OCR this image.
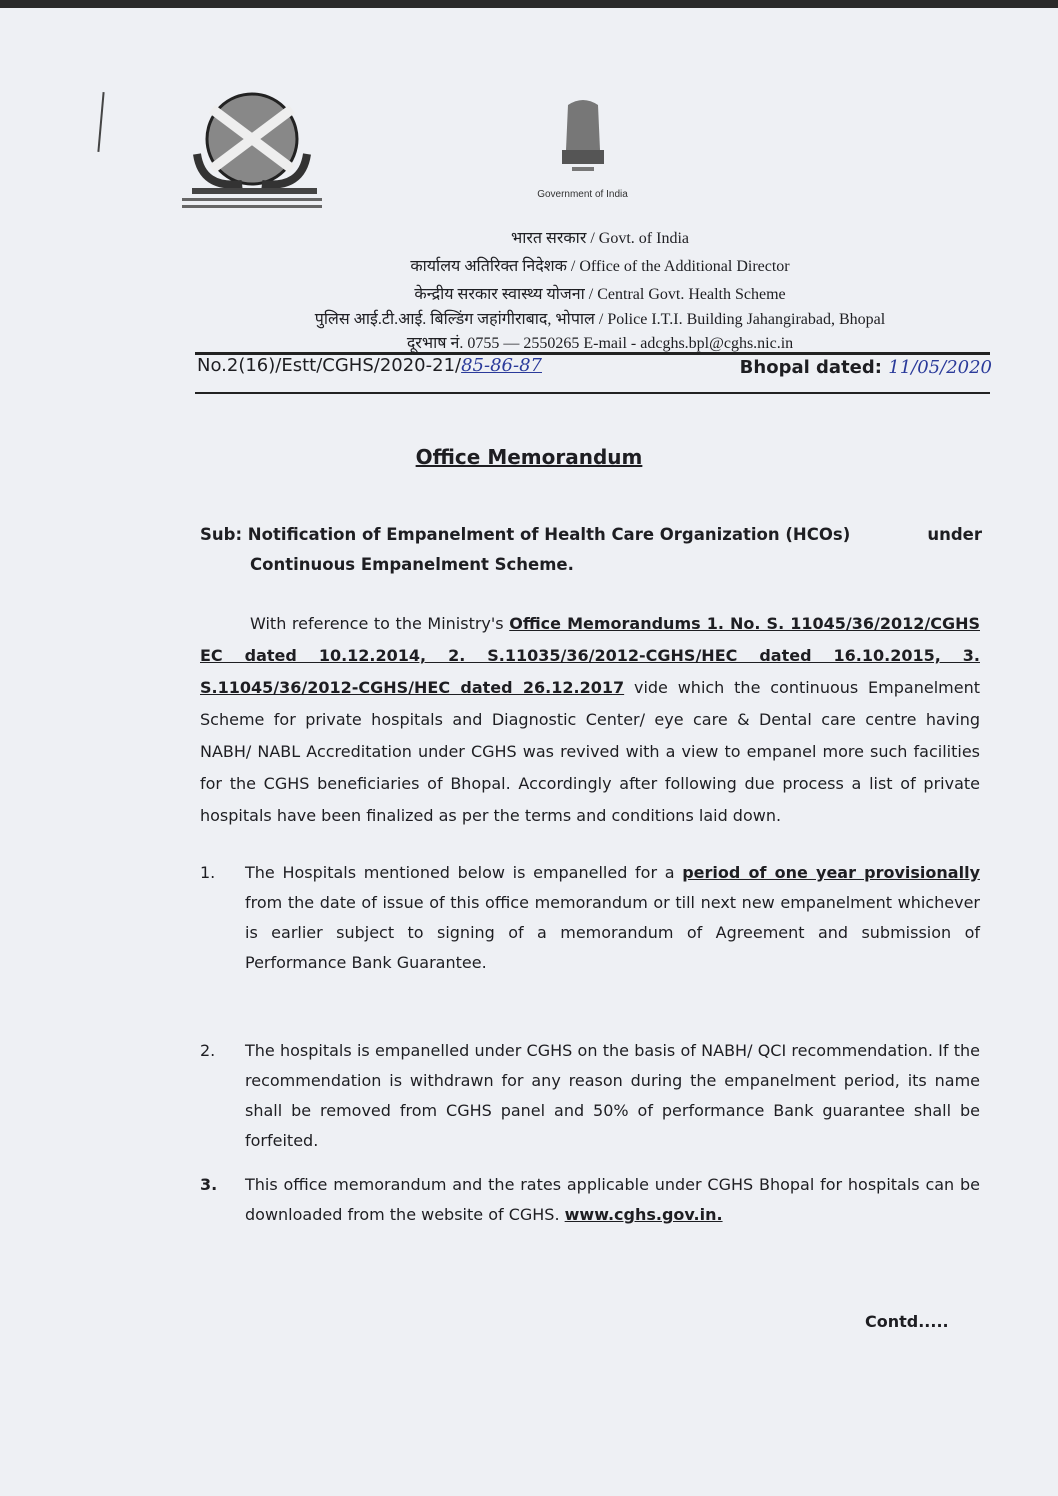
Government of India
भारत सरकार / Govt. of India
कार्यालय अतिरिक्त निदेशक / Office of the Additional Director
केन्द्रीय सरकार स्वास्थ्य योजना / Central Govt. Health Scheme
पुलिस आई.टी.आई. बिल्डिंग जहांगीराबाद, भोपाल / Police I.T.I. Building Jahangirabad, Bhopal
दूरभाष नं. 0755 — 2550265 E-mail - adcghs.bpl@cghs.nic.in
No.2(16)/Estt/CGHS/2020-21/85-86-87	Bhopal dated: 11/05/2020
Office Memorandum
Sub: Notification of Empanelment of Health Care Organization (HCOs)	under
Continuous Empanelment Scheme.
With reference to the Ministry's Office Memorandums 1. No. S. 11045/36/2012/CGHS EC dated 10.12.2014, 2. S.11035/36/2012-CGHS/HEC dated 16.10.2015, 3. S.11045/36/2012-CGHS/HEC dated 26.12.2017 vide which the continuous Empanelment Scheme for private hospitals and Diagnostic Center/ eye care & Dental care centre having NABH/ NABL Accreditation under CGHS was revived with a view to empanel more such facilities for the CGHS beneficiaries of Bhopal. Accordingly after following due process a list of private hospitals have been finalized as per the terms and conditions laid down.
1. The Hospitals mentioned below is empanelled for a period of one year provisionally from the date of issue of this office memorandum or till next new empanelment whichever is earlier subject to signing of a memorandum of Agreement and submission of Performance Bank Guarantee.
2. The hospitals is empanelled under CGHS on the basis of NABH/ QCI recommendation. If the recommendation is withdrawn for any reason during the empanelment period, its name shall be removed from CGHS panel and 50% of performance Bank guarantee shall be forfeited.
3. This office memorandum and the rates applicable under CGHS Bhopal for hospitals can be downloaded from the website of CGHS. www.cghs.gov.in.
Contd.....
